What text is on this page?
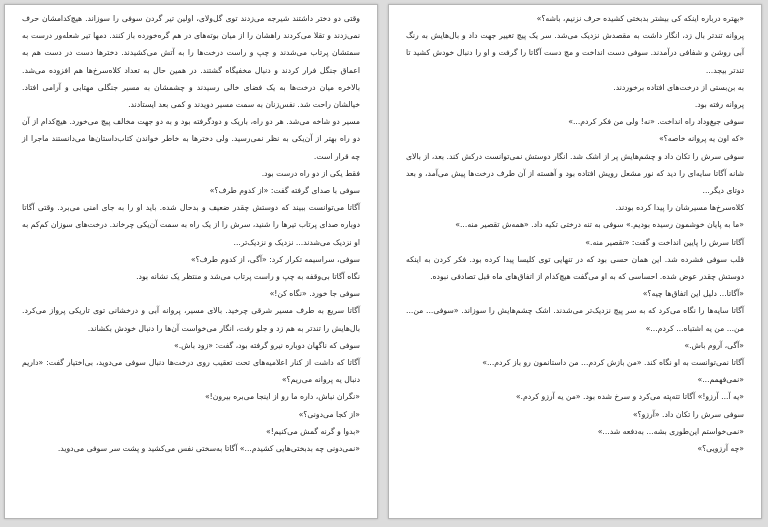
وقتی دو دختر داشتند شیرجه می‌زدند توی گل‌ولای، اولین تیر گردن سوفی را سوزاند. هیچ‌کدامشان حرف نمی‌زدند و تقلا می‌کردند راهشان را از میان بوته‌های در هم گره‌خورده باز کنند. دمها تیر شعله‌ور درست به سمتشان پرتاب می‌شدند و چپ و راست درخت‌ها را به آتش می‌کشیدند. دخترها دست در دست هم به اعماق جنگل فرار کردند و دنبال مخفیگاه گشتند. در همین حال به تعداد کلاه‌سرخ‌ها هم افزوده می‌شد. بالاخره میان درخت‌ها به یک فضای خالی رسیدند و چشمشان به مسیر جنگلی مهتابی و آرامی افتاد. خیالشان راحت شد. نفس‌زنان به سمت مسیر دویدند و کمی بعد ایستادند.

مسیر دو شاخه می‌شد. هر دو راه، باریک و دودگرفته بود و به دو جهت مخالف پیچ می‌خورد. هیچ‌کدام از آن دو راه بهتر از آن‌یکی به نظر نمی‌رسید. ولی دخترها به خاطر خواندن کتاب‌داستان‌ها می‌دانستند ماجرا از چه قرار است.

فقط یکی از دو راه درست بود.

سوفی با صدای گرفته گفت: «از کدوم طرف؟»

آگاتا می‌توانست ببیند که دوستش چقدر ضعیف و بدحال شده. باید او را به جای امنی می‌برد. وقتی آگاتا دوباره صدای پرتاب تیرها را شنید، سرش را از یک راه به سمت آن‌یکی چرخاند. درخت‌های سوزان کم‌کم به او نزدیک می‌شدند... نزدیک و نزدیک‌تر...

سوفی، سراسیمه تکرار کرد: «آگی، از کدوم طرف؟»

نگاه آگاتا بی‌وقفه به چپ و راست پرتاب می‌شد و منتظر یک نشانه بود.

سوفی جا خورد. «نگاه کن!»

آگاتا سریع به طرف مسیر شرقی چرخید. بالای مسیر، پروانه آبی و درخشانی توی تاریکی پرواز می‌کرد. بال‌هایش را تندتر به هم زد و جلو رفت، انگار می‌خواست آن‌ها را دنبال خودش بکشاند.

سوفی که ناگهان دوباره نیرو گرفته بود، گفت: «زود باش.»

آگاتا که داشت از کنار اعلامیه‌های تحت تعقیب روی درخت‌ها دنبال سوفی می‌دوید، بی‌اختیار گفت: «داریم دنبال یه پروانه می‌ریم؟»

«نگران نباش، داره ما رو از اینجا می‌بره بیرون!»

«از کجا می‌دونی؟»

«بدوا و گرنه گمش می‌کنیم!»

«نمی‌دونی چه بدبختی‌هایی کشیدم...» آگاتا به‌سختی نفس می‌کشید و پشت سر سوفی می‌دوید.

«بهتره درباره اینکه کی بیشتر بدبختی کشیده حرف نزنیم، باشه؟»

پروانه تندتر بال زد، انگار داشت به مقصدش نزدیک می‌شد. سر یک پیچ تغییر جهت داد و بال‌هایش به رنگ آبی روشن و شفافی درآمدند. سوفی دست انداخت و مچ دست آگاتا را گرفت و او را دنبال خودش کشید تا تندتر بیجد...

به بن‌بستی از درخت‌های افتاده برخوردند.

پروانه رفته بود.

سوفی جیغ‌وداد راه انداخت. «نه! ولی من فکر کردم...»

«که اون یه پروانه خاصه؟»

سوفی سرش را تکان داد و چشم‌هایش پر از اشک شد. انگار دوستش نمی‌توانست درکش کند. بعد، از بالای شانه آگاتا سایه‌ای را دید که نور مشعل رویش افتاده بود و آهسته از آن طرف درخت‌ها پیش می‌آمد، و بعد دوتای دیگر...

کلاه‌سرخ‌ها مسیرشان را پیدا کرده بودند.

«ما به پایان خوشمون رسیده بودیم.» سوفی به تنه درختی تکیه داد. «همه‌ش تقصیر منه...»

آگاتا سرش را پایین انداخت و گفت: «تقصیر منه.»

قلب سوفی فشرده شد. این همان حسی بود که در تنهایی توی کلیسا پیدا کرده بود. فکر کردن به اینکه دوستش چقدر عوض شده. احساسی که به او می‌گفت هیچ‌کدام از اتفاق‌های ماه قبل تصادفی نبوده.

«آگاتا... دلیل این اتفاق‌ها چیه؟»

آگاتا سایه‌ها را نگاه می‌کرد که به سر پیچ نزدیک‌تر می‌شدند. اشک چشم‌هایش را سوزاند. «سوفی... من... من... من یه اشتباه... کردم...»

«آگی، آروم باش.»

آگاتا نمی‌توانست به او نگاه کند. «من بازش کردم... من داستانمون رو باز کردم...»

«نمی‌فهمم...»

«یه آ... آرزو!» آگاتا تته‌پته می‌کرد و سرخ شده بود. «من یه آرزو کردم.»

سوفی سرش را تکان داد. «آرزو؟»

«نمی‌خواستم این‌طوری بشه... به‌دفعه شد...»

«چه آرزویی؟»
